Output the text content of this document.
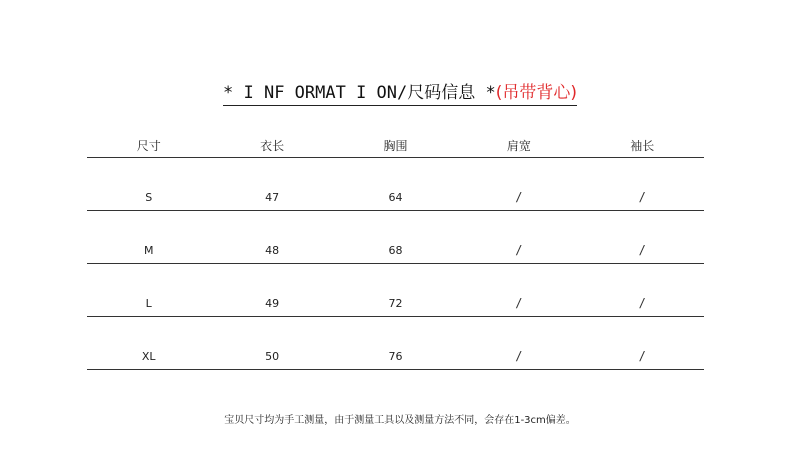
* I NF ORMAT I ON/尺码信息 *(吊带背心)
尺寸	衣长	胸围	肩宽	袖长
S	47	64	/	/
M	48	68	/	/
L	49	72	/	/
XL	50	76	/	/
宝贝尺寸均为手工测量，由于测量工具以及测量方法不同，会存在1-3cm偏差。
